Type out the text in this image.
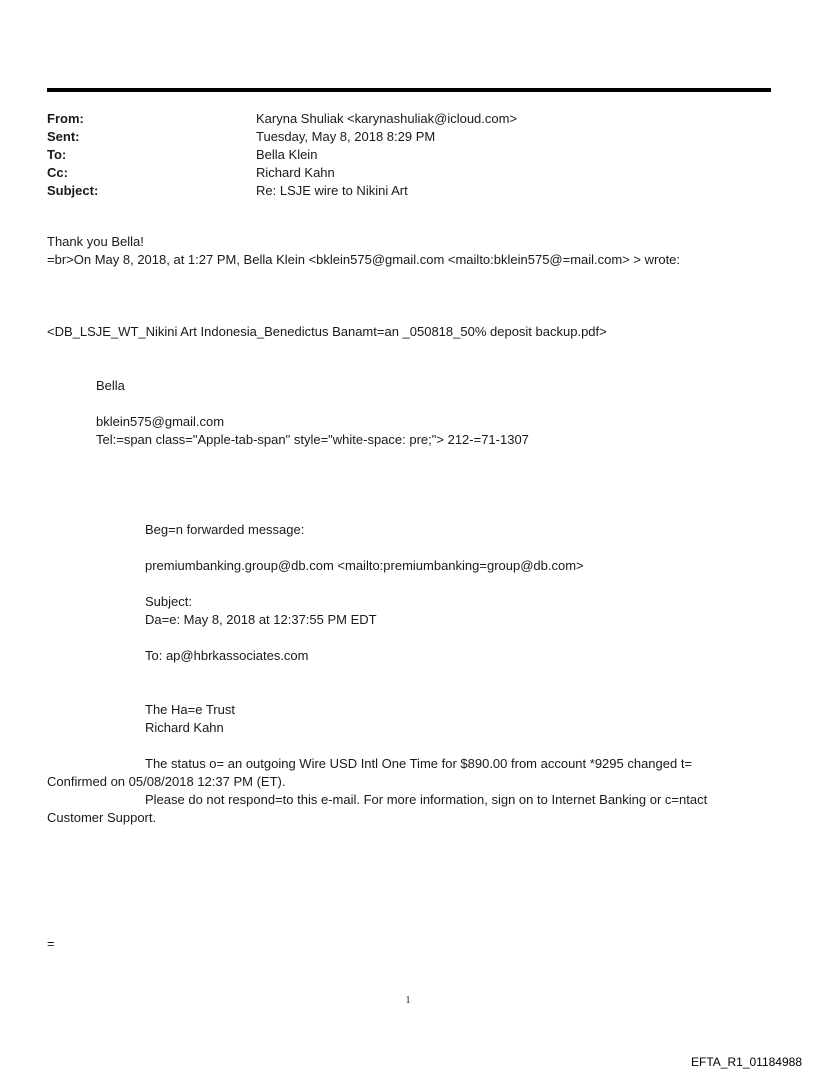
From:	Karyna Shuliak <karynashuliak@icloud.com>
Sent:	Tuesday, May 8, 2018 8:29 PM
To:	Bella Klein
Cc:	Richard Kahn
Subject:	Re: LSJE wire to Nikini Art
Thank you Bella!
=br>On May 8, 2018, at 1:27 PM, Bella Klein <bklein575@gmail.com <mailto:bklein575@=mail.com> > wrote:
<DB_LSJE_WT_Nikini Art Indonesia_Benedictus Banamt=an _050818_50% deposit backup.pdf>
Bella
bklein575@gmail.com
Tel:=span class="Apple-tab-span" style="white-space: pre;"> 212-=71-1307
Beg=n forwarded message:
premiumbanking.group@db.com <mailto:premiumbanking=group@db.com>
Subject:
Da=e: May 8, 2018 at 12:37:55 PM EDT
To: ap@hbrkassociates.com
The Ha=e Trust
Richard Kahn
The status o= an outgoing Wire USD Intl One Time for $890.00 from account *9295 changed t=
Confirmed on 05/08/2018 12:37 PM (ET).
Please do not respond=to this e-mail. For more information, sign on to Internet Banking or c=ntact
Customer Support.
=
1
EFTA_R1_01184988
